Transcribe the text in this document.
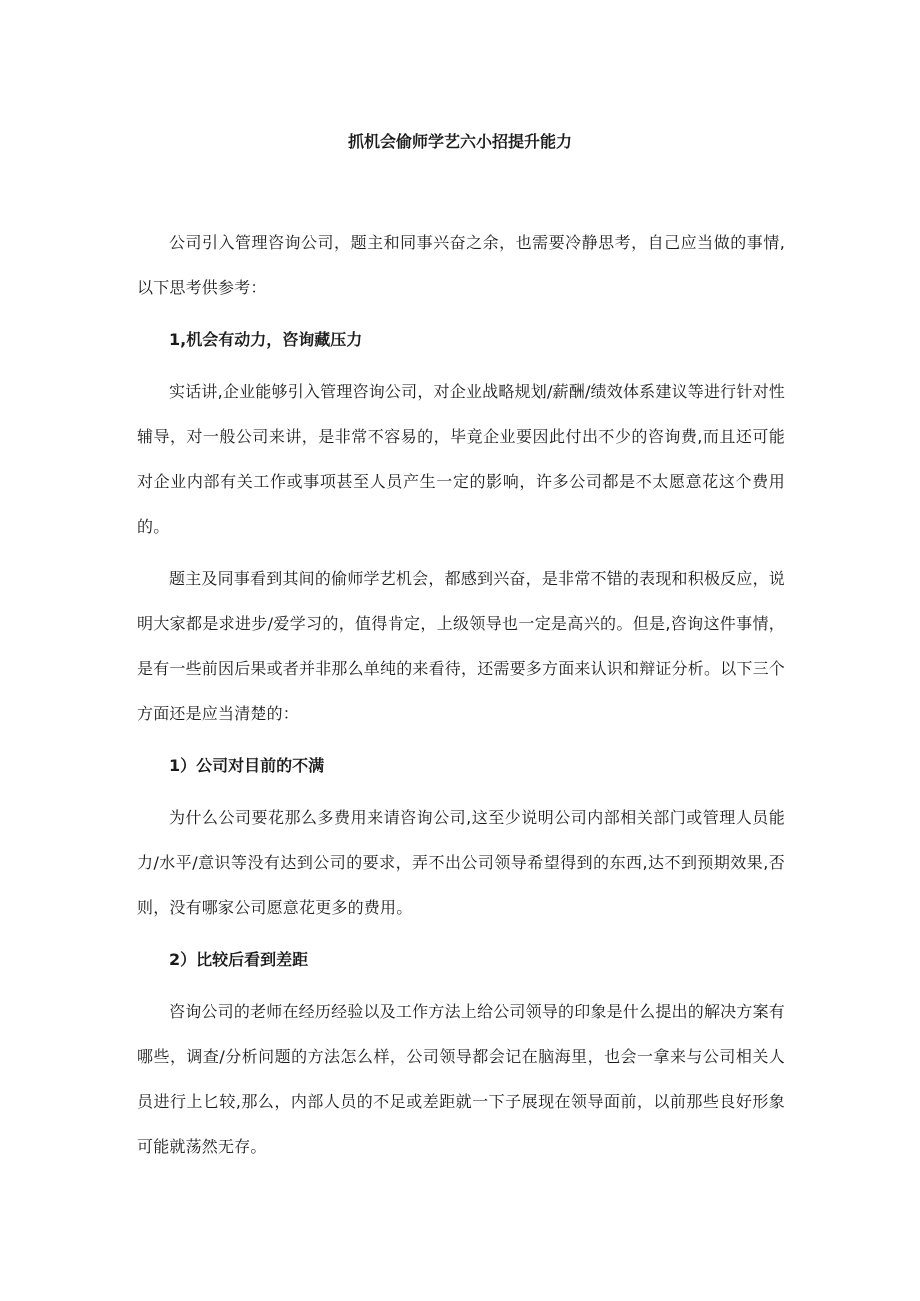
抓机会偷师学艺六小招提升能力

公司引入管理咨询公司，题主和同事兴奋之余，也需要冷静思考，自己应当做的事情,以下思考供参考：

1,机会有动力，咨询藏压力

实话讲,企业能够引入管理咨询公司，对企业战略规划/薪酬/绩效体系建议等进行针对性辅导，对一般公司来讲，是非常不容易的，毕竟企业要因此付出不少的咨询费,而且还可能对企业内部有关工作或事项甚至人员产生一定的影响，许多公司都是不太愿意花这个费用的。

题主及同事看到其间的偷师学艺机会，都感到兴奋，是非常不错的表现和积极反应，说明大家都是求进步/爱学习的，值得肯定，上级领导也一定是高兴的。但是,咨询这件事情，是有一些前因后果或者并非那么单纯的来看待，还需要多方面来认识和辩证分析。以下三个方面还是应当清楚的：

1）公司对目前的不满

为什么公司要花那么多费用来请咨询公司,这至少说明公司内部相关部门或管理人员能力/水平/意识等没有达到公司的要求，弄不出公司领导希望得到的东西,达不到预期效果,否则，没有哪家公司愿意花更多的费用。

2）比较后看到差距

咨询公司的老师在经历经验以及工作方法上给公司领导的印象是什么提出的解决方案有哪些，调查/分析问题的方法怎么样，公司领导都会记在脑海里，也会一拿来与公司相关人员进行上匕较,那么，内部人员的不足或差距就一下子展现在领导面前，以前那些良好形象可能就荡然无存。
